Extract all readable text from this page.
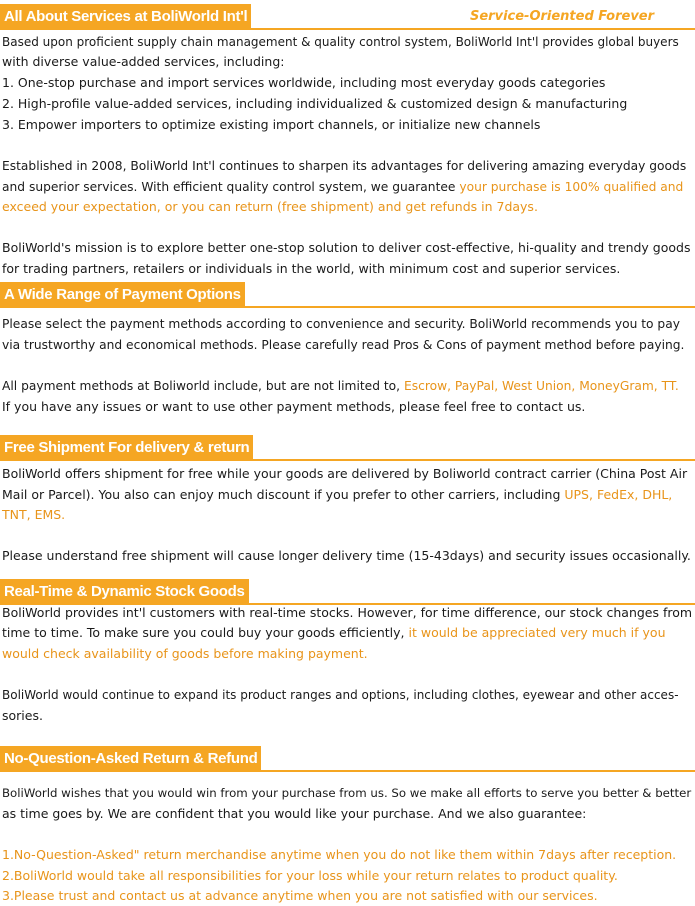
All About Services at BoliWorld Int'l	Service-Oriented Forever
Based upon proficient supply chain management & quality control system, BoliWorld Int'l provides global buyers
with diverse value-added services, including:
1. One-stop purchase and import services worldwide, including most everyday goods categories
2. High-profile value-added services, including individualized & customized design & manufacturing
3. Empower importers to optimize existing import channels, or initialize new channels
Established in 2008, BoliWorld Int'l continues to sharpen its advantages for delivering amazing everyday goods
and superior services. With efficient quality control system, we guarantee your purchase is 100% qualified and
exceed your expectation, or you can return (free shipment) and get refunds in 7days.
BoliWorld's mission is to explore better one-stop solution to deliver cost-effective, hi-quality and trendy goods
for trading partners, retailers or individuals in the world, with minimum cost and superior services.
A Wide Range of Payment Options
Please select the payment methods according to convenience and security. BoliWorld recommends you to pay
via trustworthy and economical methods. Please carefully read Pros & Cons of payment method before paying.
All payment methods at Boliworld include, but are not limited to, Escrow, PayPal, West Union, MoneyGram, TT.
If you have any issues or want to use other payment methods, please feel free to contact us.
Free Shipment For delivery & return
BoliWorld offers shipment for free while your goods are delivered by Boliworld contract carrier (China Post Air
Mail or Parcel). You also can enjoy much discount if you prefer to other carriers, including UPS, FedEx, DHL,
TNT, EMS.
Please understand free shipment will cause longer delivery time (15-43days) and security issues occasionally.
Real-Time & Dynamic Stock Goods
BoliWorld provides int'l customers with real-time stocks. However, for time difference, our stock changes from
time to time. To make sure you could buy your goods efficiently, it would be appreciated very much if you
would check availability of goods before making payment.
BoliWorld would continue to expand its product ranges and options, including clothes, eyewear and other acces-
sories.
No-Question-Asked Return & Refund
BoliWorld wishes that you would win from your purchase from us. So we make all efforts to serve you better & better
as time goes by. We are confident that you would like your purchase. And we also guarantee:
1.No-Question-Asked" return merchandise anytime when you do not like them within 7days after reception.
2.BoliWorld would take all responsibilities for your loss while your return relates to product quality.
3.Please trust and contact us at advance anytime when you are not satisfied with our services.
